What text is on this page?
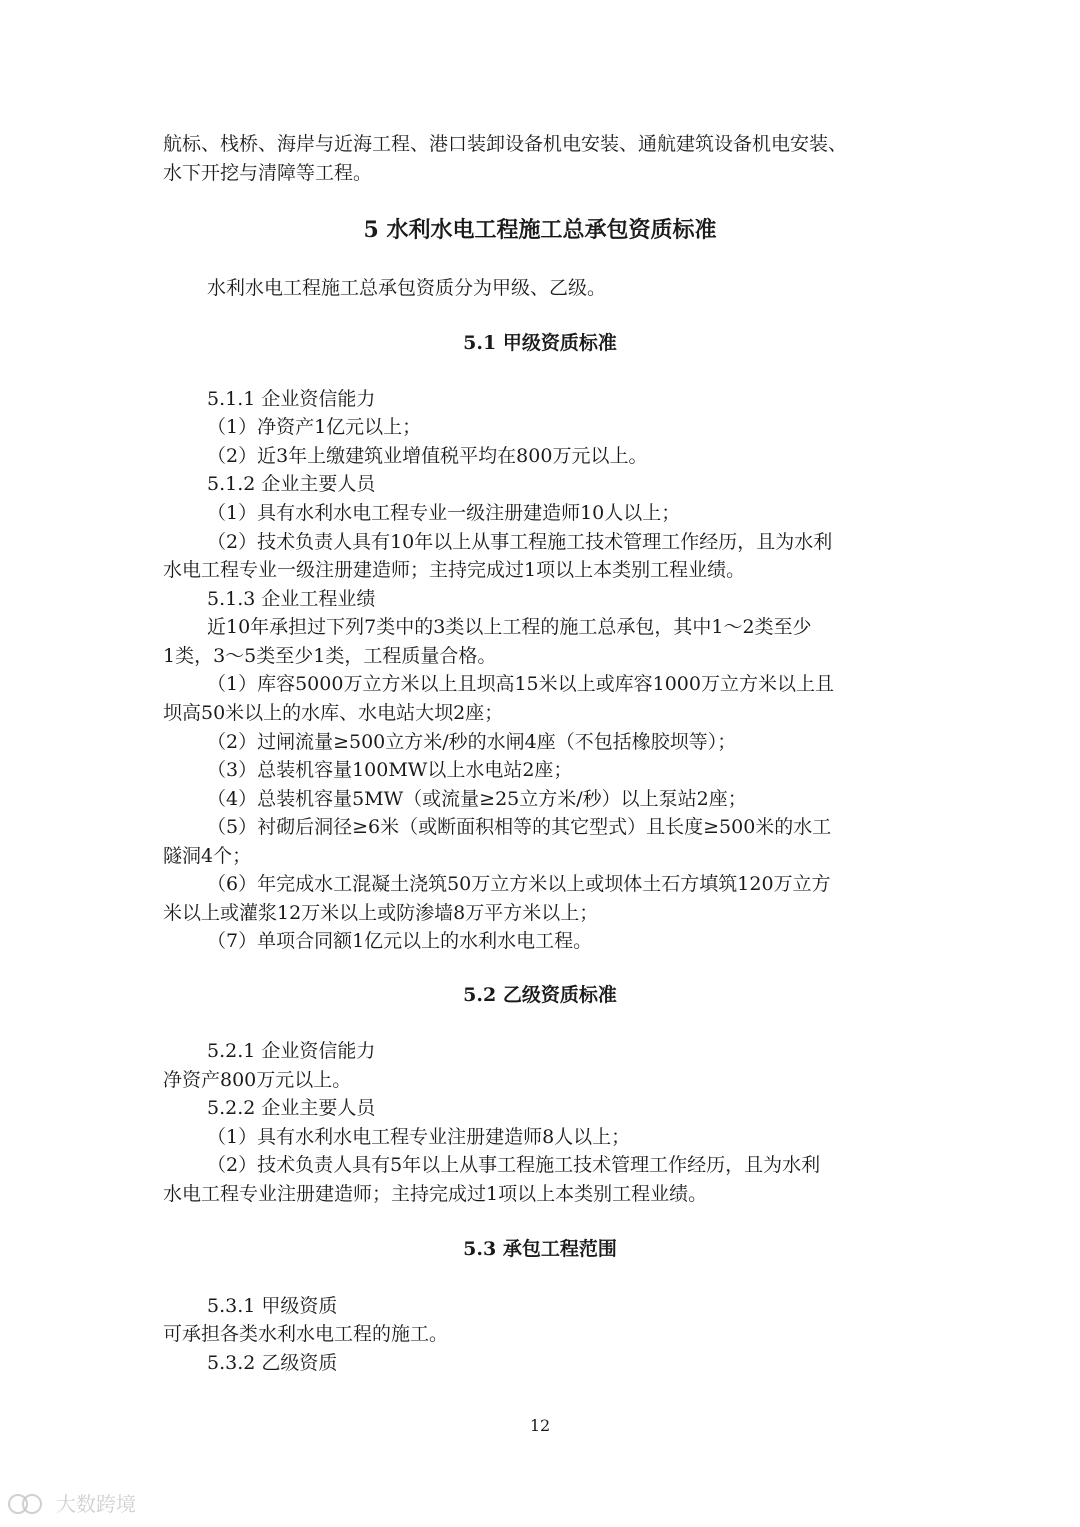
航标、栈桥、海岸与近海工程、港口装卸设备机电安装、通航建筑设备机电安装、
水下开挖与清障等工程。
5 水利水电工程施工总承包资质标准
水利水电工程施工总承包资质分为甲级、乙级。
5.1 甲级资质标准
5.1.1 企业资信能力
（1）净资产1亿元以上；
（2）近3年上缴建筑业增值税平均在800万元以上。
5.1.2 企业主要人员
（1）具有水利水电工程专业一级注册建造师10人以上；
（2）技术负责人具有10年以上从事工程施工技术管理工作经历，且为水利
水电工程专业一级注册建造师；主持完成过1项以上本类别工程业绩。
5.1.3 企业工程业绩
近10年承担过下列7类中的3类以上工程的施工总承包，其中1～2类至少
1类，3～5类至少1类，工程质量合格。
（1）库容5000万立方米以上且坝高15米以上或库容1000万立方米以上且
坝高50米以上的水库、水电站大坝2座；
（2）过闸流量≥500立方米/秒的水闸4座（不包括橡胶坝等）；
（3）总装机容量100MW以上水电站2座；
（4）总装机容量5MW（或流量≥25立方米/秒）以上泵站2座；
（5）衬砌后洞径≥6米（或断面积相等的其它型式）且长度≥500米的水工
隧洞4个；
（6）年完成水工混凝土浇筑50万立方米以上或坝体土石方填筑120万立方
米以上或灌浆12万米以上或防渗墙8万平方米以上；
（7）单项合同额1亿元以上的水利水电工程。
5.2 乙级资质标准
5.2.1 企业资信能力
净资产800万元以上。
5.2.2 企业主要人员
（1）具有水利水电工程专业注册建造师8人以上；
（2）技术负责人具有5年以上从事工程施工技术管理工作经历，且为水利
水电工程专业注册建造师；主持完成过1项以上本类别工程业绩。
5.3 承包工程范围
5.3.1 甲级资质
可承担各类水利水电工程的施工。
5.3.2 乙级资质
12
大数跨境
